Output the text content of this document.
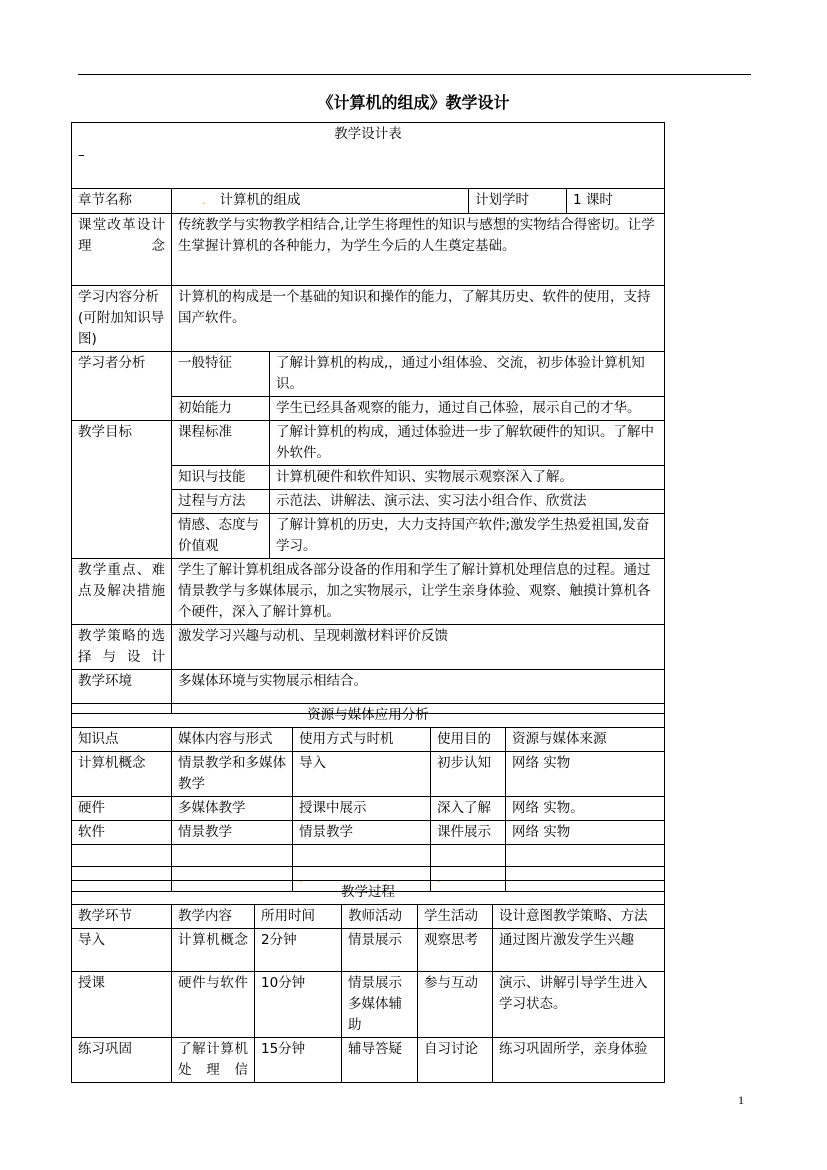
《计算机的组成》教学设计
教学设计表
–				

章节名称	. 计算机的组成		计划学时	1 课时
课堂改革设计理念	传统教学与实物教学相结合,让学生将理性的知识与感想的实物结合得密切。让学生掌握计算机的各种能力，为学生今后的人生奠定基础。			
学习内容分析(可附加知识导图)	计算机的构成是一个基础的知识和操作的能力，了解其历史、软件的使用，支持国产软件。			
学习者分析	一般特征	了解计算机的构成,，通过小组体验、交流，初步体验计算机知识。		
	初始能力	学生已经具备观察的能力，通过自己体验，展示自己的才华。		
教学目标	课程标准	了解计算机的构成，通过体验进一步了解软硬件的知识。了解中外软件。		
	知识与技能	计算机硬件和软件知识、实物展示观察深入了解。		
	过程与方法	示范法、讲解法、演示法、实习法小组合作、欣赏法		
	情感、态度与价值观	了解计算机的历史，大力支持国产软件;激发学生热爱祖国,发奋学习。		
教学重点、难点及解决措施	学生了解计算机组成各部分设备的作用和学生了解计算机处理信息的过程。通过情景教学与多媒体展示，加之实物展示，让学生亲身体验、观察、触摸计算机各个硬件，深入了解计算机。			
教学策略的选择与设计	激发学习兴趣与动机、呈现刺激材料评价反馈			
教学环境	多媒体环境与实物展示相结合。			
资源与媒体应用分析				
知识点	媒体内容与形式	使用方式与时机	使用目的	资源与媒体来源
计算机概念	情景教学和多媒体教学	导入	初步认知	网络 实物
硬件	多媒体教学	授课中展示	深入了解	网络 实物。
软件	情景教学	情景教学	课件展示	网络 实物

		.	.	
教学过程					
教学环节	教学内容	所用时间	教师活动	学生活动	设计意图教学策略、方法
导入	计算机概念	2分钟	情景展示	观察思考	通过图片激发学生兴趣
授课	硬件与软件	10分钟	情景展示多媒体辅助	参与互动	演示、讲解引导学生进入学习状态。
练习巩固	了解计算机处理信	15分钟	辅导答疑	自习讨论	练习巩固所学，亲身体验
1
